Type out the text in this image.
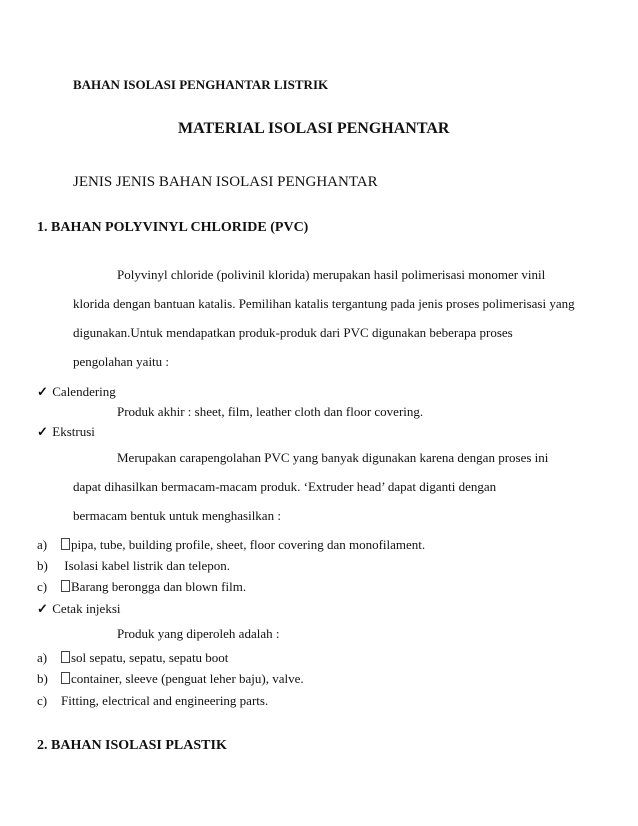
BAHAN ISOLASI PENGHANTAR LISTRIK
MATERIAL ISOLASI PENGHANTAR
JENIS JENIS BAHAN ISOLASI PENGHANTAR
1. BAHAN POLYVINYL CHLORIDE (PVC)
Polyvinyl chloride (polivinil klorida) merupakan hasil polimerisasi monomer vinil
klorida dengan bantuan katalis. Pemilihan katalis tergantung pada jenis proses polimerisasi yang
digunakan.Untuk mendapatkan produk-produk dari PVC digunakan beberapa proses
pengolahan yaitu :
✓ Calendering
Produk akhir : sheet, film, leather cloth dan floor covering.
✓ Ekstrusi
Merupakan carapengolahan PVC yang banyak digunakan karena dengan proses ini
dapat dihasilkan bermacam-macam produk. ‘Extruder head’ dapat diganti dengan
bermacam bentuk untuk menghasilkan :
a) pipa, tube, building profile, sheet, floor covering dan monofilament.
b) Isolasi kabel listrik dan telepon.
c) Barang berongga dan blown film.
✓ Cetak injeksi
Produk yang diperoleh adalah :
a) sol sepatu, sepatu, sepatu boot
b) container, sleeve (penguat leher baju), valve.
c) Fitting, electrical and engineering parts.
2. BAHAN ISOLASI PLASTIK
